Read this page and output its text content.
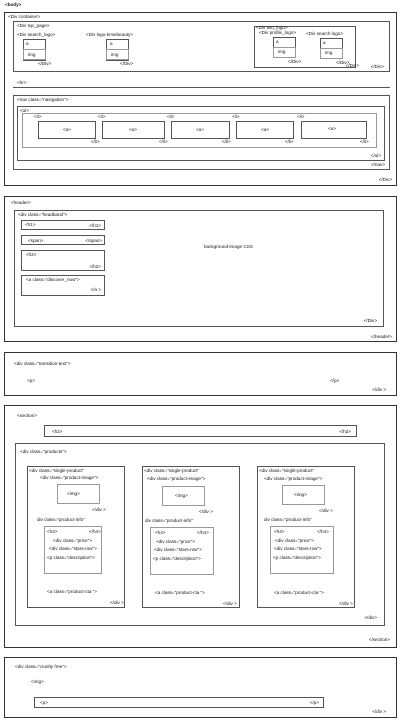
<body>
<Div container>
</Div>
<Div top_page>
</Div>
<Div search_logo>
a
img
</Div>
<Div logo-kmiebeauty>
a
img
</Div>
<Div two_logo>
</Div>
<Div profile_logo>
a
img
</Div>
<Div search logo>
a
img
</Div>
<hr>
<nav class="navigation">
</nav>
<ul>
</ul>
<li>
<a>
</li>
<li>
<a>
</li>
<li>
<a>
</li>
<li>
<a>
</li>
<li>
<a>
</li>
<header>
</header>
<div class="headband">
</Div>
background-image CSS
<h1>	</h1>
<span>	</span>
<h2>
</h2>
<a class="discover_now">
</a >
<div class="transition-text">
<p>	</p>
</div >
<section>
</section>
<h2>	</h2>
<div class="products">
</div>
<div class="single-product"
<div class="product-image">
<img>
</div >
div class="product-info"
<h4>	</h4>
<div class="price">
<div class="stars-row">
<p class="description">
<a class="product-cta ">
</div >
<div class="single-product"
<div class="product-image">
<img>
</div >
div class="product-info"
<h4>	</h4>
<div class="price">
<div class="stars-row">
<p class="description">
<a class="product-cta ">
</div >
<div class="single-product"
<div class="product-image">
<img>
</div >
div class="product-info"
<h4>	</h4>
<div class="price">
<div class="stars-row">
<p class="description">
<a class="product-cta ">
</div >
<div class="cruelty free">
<img>
</div >
<p>	</p>
